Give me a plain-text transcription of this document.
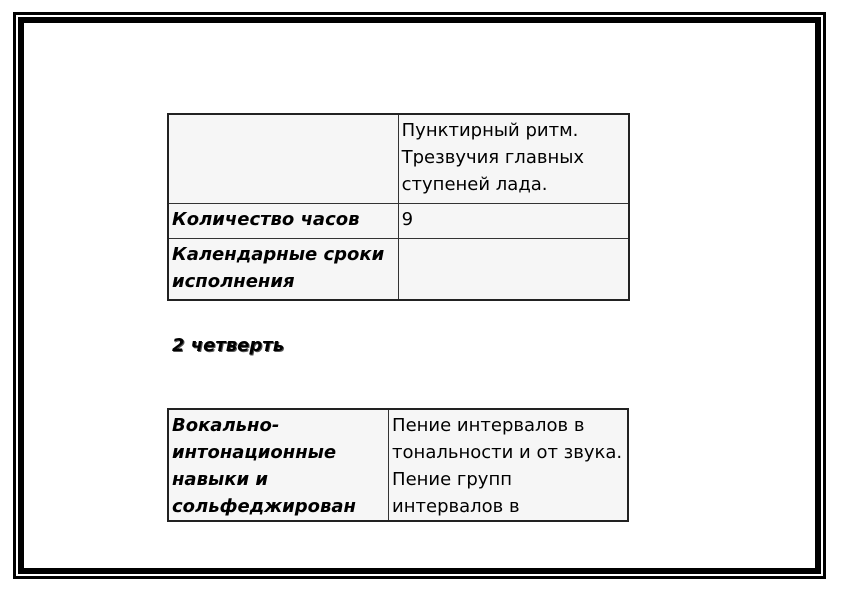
	Пунктирный ритм. Трезвучия главных ступеней лада.
Количество часов	9
Календарные сроки исполнения	
2 четверть
Вокально-интонационные навыки и сольфеджирован	Пение интервалов в тональности и от звука. Пение групп интервалов в
